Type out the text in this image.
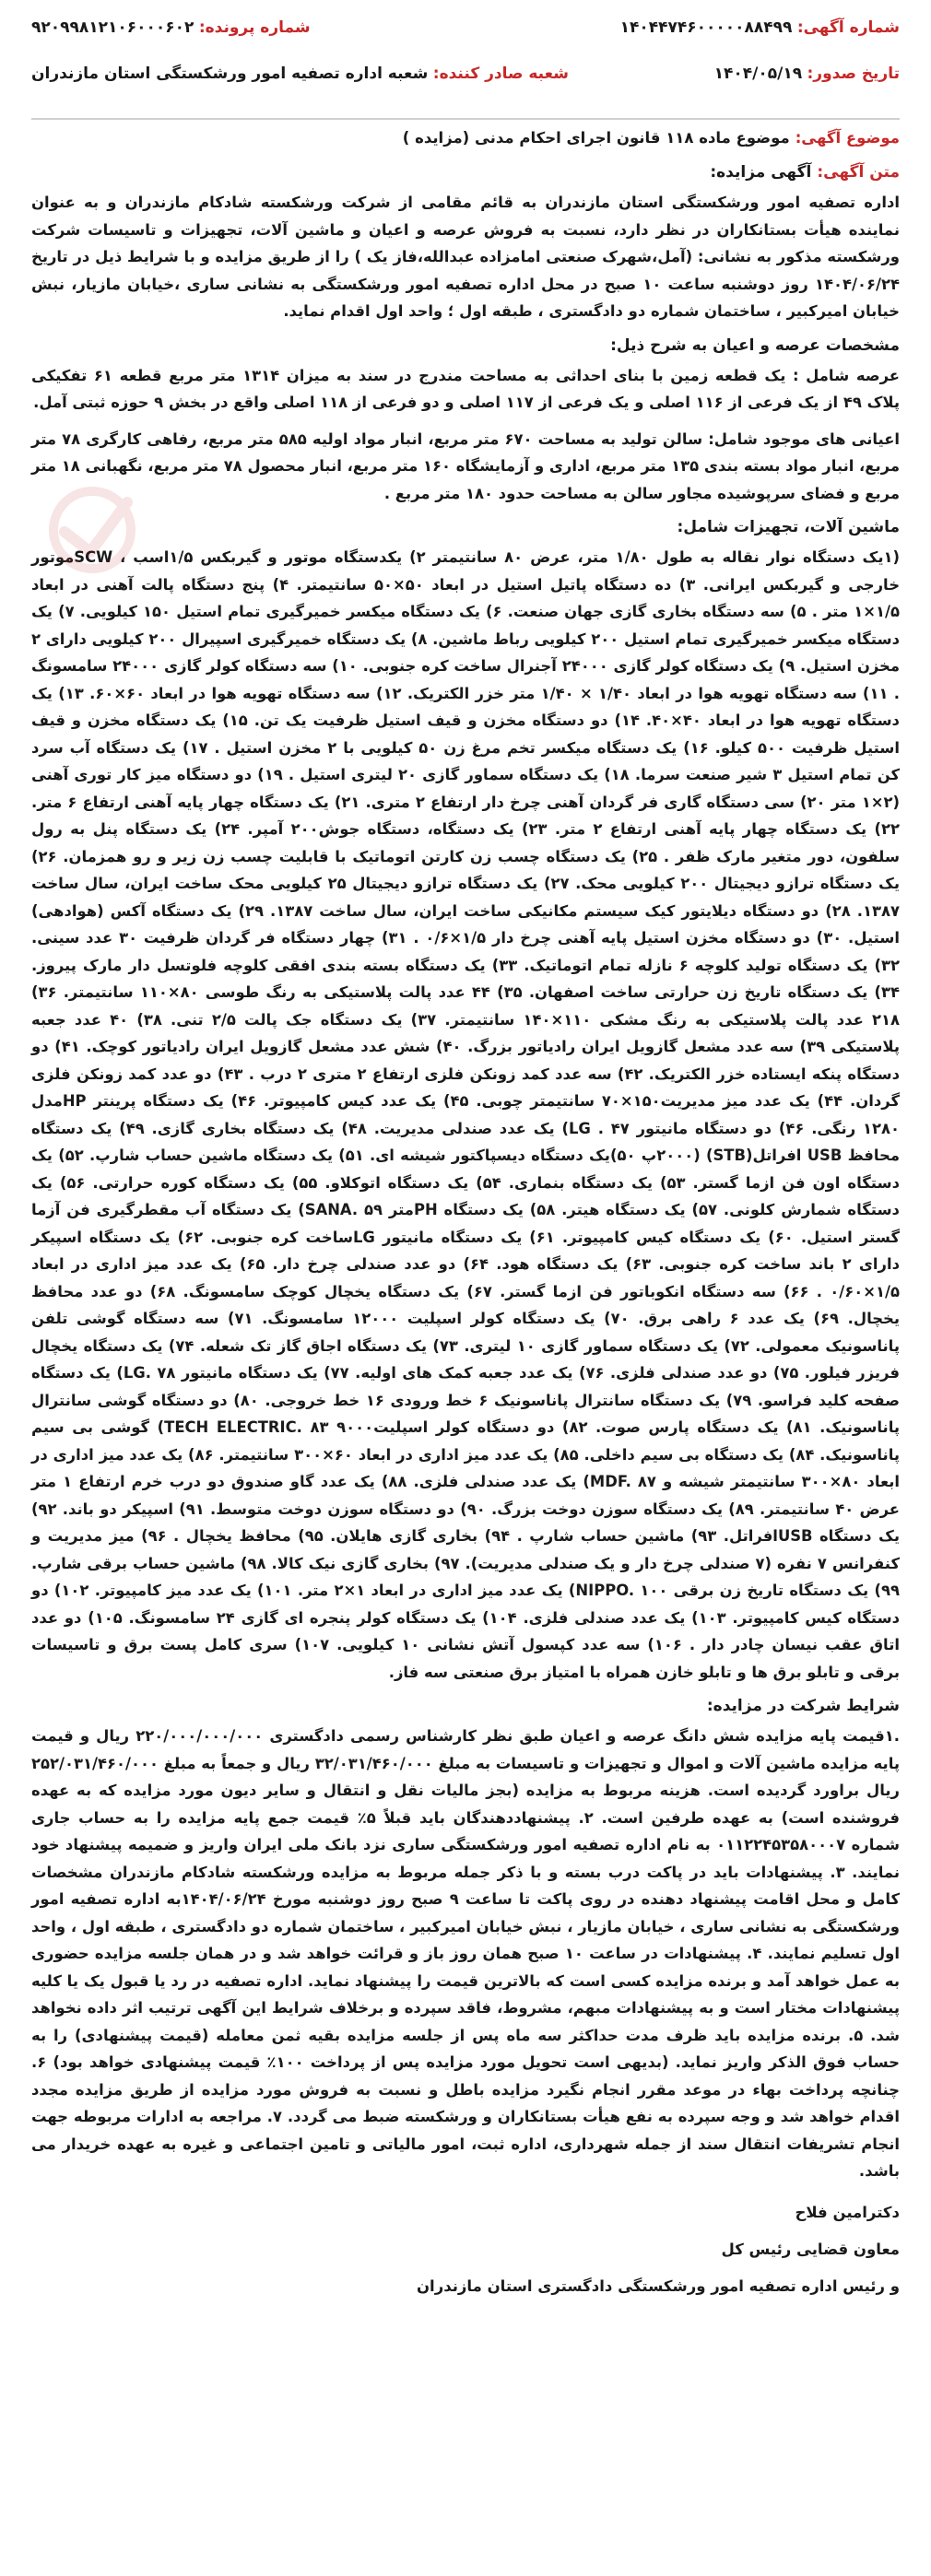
شماره آگهی: ۱۴۰۴۴۷۴۶۰۰۰۰۰۸۸۴۹۹
شماره پرونده: ۹۲۰۹۹۸۱۲۱۰۶۰۰۰۶۰۲
تاریخ صدور: ۱۴۰۴/۰۵/۱۹
شعبه صادر کننده: شعبه اداره تصفیه امور ورشکستگی استان مازندران
موضوع آگهی:موضوع ماده ۱۱۸ قانون اجرای احکام مدنی (مزایده )
متن آگهی:آگهی مزایده:

اداره تصفیه امور ورشکستگی استان مازندران به قائم مقامی از شرکت ورشکسته شادکام مازندران و به عنوان نماینده هیأت بستانکاران در نظر دارد، نسبت به فروش عرصه و اعیان و ماشین آلات، تجهیزات و تاسیسات شرکت ورشکسته مذکور به نشانی: (آمل،شهرک صنعتی امامزاده عبدالله،فاز یک ) را از طریق مزایده و با شرایط ذیل در تاریخ ۱۴۰۴/۰۶/۲۴ روز دوشنبه ساعت ۱۰ صبح در محل اداره تصفیه امور ورشکستگی به نشانی ساری ،خیابان مازیار، نبش خیابان امیرکبیر ، ساختمان شماره دو دادگستری ، طبقه اول ؛ واحد اول اقدام نماید.

مشخصات عرصه و اعیان به شرح ذیل:

عرصه شامل : یک قطعه زمین با بنای احداثی به مساحت مندرج در سند به میزان ۱۳۱۴ متر مربع قطعه ۶۱ تفکیکی پلاک ۴۹ از یک فرعی از ۱۱۶ اصلی و یک فرعی از ۱۱۷ اصلی و دو فرعی از ۱۱۸ اصلی واقع در بخش ۹ حوزه ثبتی آمل.

اعیانی های موجود شامل: سالن تولید به مساحت ۶۷۰ متر مربع، انبار مواد اولیه ۵۸۵ متر مربع، رفاهی کارگری ۷۸ متر مربع، انبار مواد بسته بندی ۱۳۵ متر مربع، اداری و آزمایشگاه ۱۶۰ متر مربع، انبار محصول ۷۸ متر مربع، نگهبانی ۱۸ متر مربع و فضای سرپوشیده مجاور سالن به مساحت حدود ۱۸۰ متر مربع .

ماشین آلات، تجهیزات شامل:

(۱یک دستگاه نوار نقاله به طول ۱/۸۰ متر، عرض ۸۰ سانتیمتر ۲) یکدستگاه موتور و گیربکس ۱/۵اسب ، SCWموتور خارجی و گیربکس ایرانی. ۳) ده دستگاه پاتیل استیل در ابعاد ۵۰×۵۰ سانتیمتر. ۴) پنج دستگاه پالت آهنی در ابعاد ۱/۵×۱ متر . ۵) سه دستگاه بخاری گازی جهان صنعت. ۶) یک دستگاه میکسر خمیرگیری تمام استیل ۱۵۰ کیلویی. ۷) یک دستگاه میکسر خمیرگیری تمام استیل ۲۰۰ کیلویی رباط ماشین. ۸) یک دستگاه خمیرگیری اسپیرال ۲۰۰ کیلویی دارای ۲ مخزن استیل. ۹) یک دستگاه کولر گازی ۲۴۰۰۰ آجنرال ساخت کره جنوبی. ۱۰) سه دستگاه کولر گازی ۲۴۰۰۰ سامسونگ . ۱۱) سه دستگاه تهویه هوا در ابعاد ۱/۴۰ × ۱/۴۰ متر خزر الکتریک. ۱۲) سه دستگاه تهویه هوا در ابعاد ۶۰×۶۰. ۱۳) یک دستگاه تهویه هوا در ابعاد ۴۰×۴۰. ۱۴) دو دستگاه مخزن و قیف استیل ظرفیت یک تن. ۱۵) یک دستگاه مخزن و قیف استیل ظرفیت ۵۰۰ کیلو. ۱۶) یک دستگاه میکسر تخم مرغ زن ۵۰ کیلویی با ۲ مخزن استیل . ۱۷) یک دستگاه آب سرد کن تمام استیل ۳ شیر صنعت سرما. ۱۸) یک دستگاه سماور گازی ۲۰ لیتری استیل . ۱۹) دو دستگاه میز کار توری آهنی (۲×۱ متر ۲۰) سی دستگاه گاری فر گردان آهنی چرخ دار ارتفاع ۲ متری. ۲۱) یک دستگاه چهار پایه آهنی ارتفاع ۶ متر. ۲۲) یک دستگاه چهار پایه آهنی ارتفاع ۲ متر. ۲۳) یک دستگاه، دستگاه جوش۲۰۰ آمپر. ۲۴) یک دستگاه پنل به رول سلفون، دور متغیر مارک ظفر . ۲۵) یک دستگاه چسب زن کارتن اتوماتیک با قابلیت چسب زن زیر و رو همزمان. ۲۶) یک دستگاه ترازو دیجیتال ۲۰۰ کیلویی محک. ۲۷) یک دستگاه ترازو دیجیتال ۲۵ کیلویی محک ساخت ایران، سال ساخت ۱۳۸۷. ۲۸) دو دستگاه دیلایتور کیک سیستم مکانیکی ساخت ایران، سال ساخت ۱۳۸۷. ۲۹) یک دستگاه آکس (هوادهی) استیل. ۳۰) دو دستگاه مخزن استیل پایه آهنی چرخ دار ۱/۵×۰/۶ . ۳۱) چهار دستگاه فر گردان ظرفیت ۳۰ عدد سینی. ۳۲) یک دستگاه تولید کلوچه ۶ نازله تمام اتوماتیک. ۳۳) یک دستگاه بسته بندی افقی کلوچه فلوتسل دار مارک پیروز. ۳۴) یک دستگاه تاریخ زن حرارتی ساخت اصفهان. ۳۵) ۴۴ عدد پالت پلاستیکی به رنگ طوسی ۸۰×۱۱۰ سانتیمتر. ۳۶) ۲۱۸ عدد پالت پلاستیکی به رنگ مشکی ۱۱۰×۱۴۰ سانتیمتر. ۳۷) یک دستگاه جک پالت ۲/۵ تنی. ۳۸) ۴۰ عدد جعبه پلاستیکی ۳۹) سه عدد مشعل گازویل ایران رادیاتور بزرگ. ۴۰) شش عدد مشعل گازویل ایران رادیاتور کوچک. ۴۱) دو دستگاه پنکه ایستاده خزر الکتریک. ۴۲) سه عدد کمد زونکن فلزی ارتفاع ۲ متری ۲ درب . ۴۳) دو عدد کمد زونکن فلزی گردان. ۴۴) یک عدد میز مدیریت۱۵۰×۷۰ سانتیمتر چوبی. ۴۵) یک عدد کیس کامپیوتر. ۴۶) یک دستگاه پرینتر HPمدل ۱۲۸۰ رنگی. ۴۶) دو دستگاه مانیتور LG . ۴۷) یک عدد صندلی مدیریت. ۴۸) یک دستگاه بخاری گازی. ۴۹) یک دستگاه محافظ USB افراتل(STB) (۲۰۰۰پ ۵۰)یک دستگاه دیسپاکتور شیشه ای. ۵۱) یک دستگاه ماشین حساب شارپ. ۵۲) یک دستگاه اون فن ازما گستر. ۵۳) یک دستگاه بنماری. ۵۴) یک دستگاه اتوکلاو. ۵۵) یک دستگاه کوره حرارتی. ۵۶) یک دستگاه شمارش کلونی. ۵۷) یک دستگاه هیتر. ۵۸) یک دستگاه PHمتر SANA. ۵۹) یک دستگاه آب مقطرگیری فن آزما گستر استیل. ۶۰) یک دستگاه کیس کامپیوتر. ۶۱) یک دستگاه مانیتور LGساخت کره جنوبی. ۶۲) یک دستگاه اسپیکر دارای ۲ باند ساخت کره جنوبی. ۶۳) یک دستگاه هود. ۶۴) دو عدد صندلی چرخ دار. ۶۵) یک عدد میز اداری در ابعاد ۱/۵×۰/۶۰ . ۶۶) سه دستگاه انکوباتور فن ازما گستر. ۶۷) یک دستگاه یخچال کوچک سامسونگ. ۶۸) دو عدد محافظ یخچال. ۶۹) یک عدد ۶ راهی برق. ۷۰) یک دستگاه کولر اسپلیت ۱۲۰۰۰ سامسونگ. ۷۱) سه دستگاه گوشی تلفن پاناسونیک معمولی. ۷۲) یک دستگاه سماور گازی ۱۰ لیتری. ۷۳) یک دستگاه اجاق گاز تک شعله. ۷۴) یک دستگاه یخچال فریزر فیلور. ۷۵) دو عدد صندلی فلزی. ۷۶) یک عدد جعبه کمک های اولیه. ۷۷) یک دستگاه مانیتور LG. ۷۸) یک دستگاه صفحه کلید فراسو. ۷۹) یک دستگاه سانترال پاناسونیک ۶ خط ورودی ۱۶ خط خروجی. ۸۰) دو دستگاه گوشی سانترال پاناسونیک. ۸۱) یک دستگاه پارس صوت. ۸۲) دو دستگاه کولر اسپلیت۹۰۰۰ TECH ELECTRIC. ۸۳) گوشی بی سیم پاناسونیک. ۸۴) یک دستگاه بی سیم داخلی. ۸۵) یک عدد میز اداری در ابعاد ۶۰×۳۰۰ سانتیمتر. ۸۶) یک عدد میز اداری در ابعاد ۸۰×۳۰۰ سانتیمتر شیشه و MDF. ۸۷) یک عدد صندلی فلزی. ۸۸) یک عدد گاو صندوق دو درب خرم ارتفاع ۱ متر عرض ۴۰ سانتیمتر. ۸۹) یک دستگاه سوزن دوخت بزرگ. ۹۰) دو دستگاه سوزن دوخت متوسط. ۹۱) اسپیکر دو باند. ۹۲) یک دستگاه USBافراتل. ۹۳) ماشین حساب شارپ . ۹۴) بخاری گازی هایلان. ۹۵) محافظ یخچال . ۹۶) میز مدیریت و کنفرانس ۷ نفره (۷ صندلی چرخ دار و یک صندلی مدیریت). ۹۷) بخاری گازی نیک کالا. ۹۸) ماشین حساب برقی شارپ. ۹۹) یک دستگاه تاریخ زن برقی NIPPO. ۱۰۰) یک عدد میز اداری در ابعاد ۱×۲ متر. ۱۰۱) یک عدد میز کامپیوتر. ۱۰۲) دو دستگاه کیس کامپیوتر. ۱۰۳) یک عدد صندلی فلزی. ۱۰۴) یک دستگاه کولر پنجره ای گازی ۲۴ سامسونگ. ۱۰۵) دو عدد اتاق عقب نیسان چادر دار . ۱۰۶) سه عدد کپسول آتش نشانی ۱۰ کیلویی. ۱۰۷) سری کامل پست برق و تاسیسات برقی و تابلو برق ها و تابلو خازن همراه با امتیاز برق صنعتی سه فاز.

شرایط شرکت در مزایده:

.۱قیمت پایه مزایده شش دانگ عرصه و اعیان طبق نظر کارشناس رسمی دادگستری ۲۲۰/۰۰۰/۰۰۰/۰۰۰ ریال و قیمت پایه مزایده ماشین آلات و اموال و تجهیزات و تاسیسات به مبلغ ۳۲/۰۳۱/۴۶۰/۰۰۰ ریال و جمعاً به مبلغ ۲۵۲/۰۳۱/۴۶۰/۰۰۰ ریال براورد گردیده است. هزینه مربوط به مزایده (بجز مالیات نقل و انتقال و سایر دیون مورد مزایده که به عهده فروشنده است) به عهده طرفین است. ۲. پیشنهاددهندگان باید قبلاً ۵٪ قیمت جمع پایه مزایده را به حساب جاری شماره ۰۱۱۲۲۴۵۳۵۸۰۰۰۷ به نام اداره تصفیه امور ورشکستگی ساری نزد بانک ملی ایران واریز و ضمیمه پیشنهاد خود نمایند. ۳. پیشنهادات باید در پاکت درب بسته و با ذکر جمله مربوط به مزایده ورشکسته شادکام مازندران مشخصات کامل و محل اقامت پیشنهاد دهنده در روی پاکت تا ساعت ۹ صبح روز دوشنبه مورخ ۱۴۰۴/۰۶/۲۴به اداره تصفیه امور ورشکستگی به نشانی ساری ، خیابان مازیار ، نبش خیابان امیرکبیر ، ساختمان شماره دو دادگستری ، طبقه اول ، واحد اول تسلیم نمایند. ۴. پیشنهادات در ساعت ۱۰ صبح همان روز باز و قرائت خواهد شد و در همان جلسه مزایده حضوری به عمل خواهد آمد و برنده مزایده کسی است که بالاترین قیمت را پیشنهاد نماید. اداره تصفیه در رد یا قبول یک یا کلیه پیشنهادات مختار است و به پیشنهادات مبهم، مشروط، فاقد سپرده و برخلاف شرایط این آگهی ترتیب اثر داده نخواهد شد. ۵. برنده مزایده باید ظرف مدت حداکثر سه ماه پس از جلسه مزایده بقیه ثمن معامله (قیمت پیشنهادی) را به حساب فوق الذکر واریز نماید. (بدیهی است تحویل مورد مزایده پس از پرداخت ۱۰۰٪ قیمت پیشنهادی خواهد بود) ۶. چنانچه پرداخت بهاء در موعد مقرر انجام نگیرد مزایده باطل و نسبت به فروش مورد مزایده از طریق مزایده مجدد اقدام خواهد شد و وجه سپرده به نفع هیأت بستانکاران و ورشکسته ضبط می گردد. ۷. مراجعه به ادارات مربوطه جهت انجام تشریفات انتقال سند از جمله شهرداری، اداره ثبت، امور مالیاتی و تامین اجتماعی و غیره به عهده خریدار می باشد.

دکترامین فلاح
معاون قضایی رئیس کل
و رئیس اداره تصفیه امور ورشکستگی دادگستری استان مازندران
